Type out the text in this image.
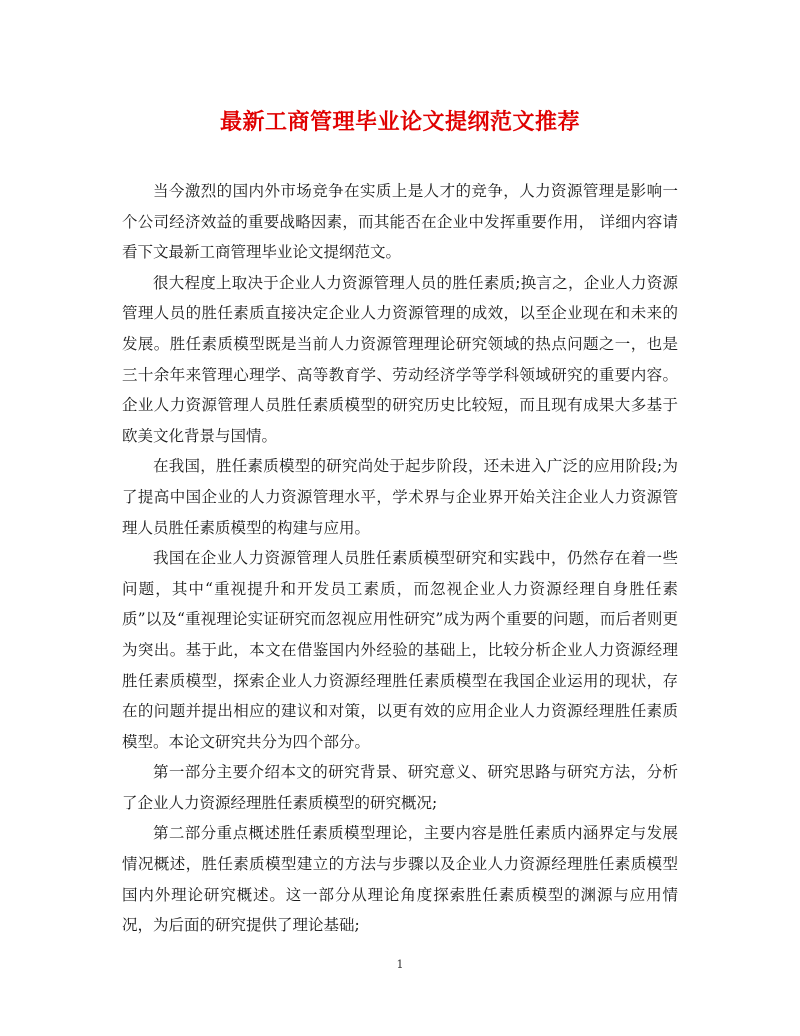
最新工商管理毕业论文提纲范文推荐

当今激烈的国内外市场竞争在实质上是人才的竞争，人力资源管理是影响一个公司经济效益的重要战略因素，而其能否在企业中发挥重要作用， 详细内容请看下文最新工商管理毕业论文提纲范文。

很大程度上取决于企业人力资源管理人员的胜任素质;换言之，企业人力资源管理人员的胜任素质直接决定企业人力资源管理的成效，以至企业现在和未来的发展。胜任素质模型既是当前人力资源管理理论研究领域的热点问题之一，也是三十余年来管理心理学、高等教育学、劳动经济学等学科领域研究的重要内容。企业人力资源管理人员胜任素质模型的研究历史比较短，而且现有成果大多基于欧美文化背景与国情。

在我国，胜任素质模型的研究尚处于起步阶段，还未进入广泛的应用阶段;为了提高中国企业的人力资源管理水平，学术界与企业界开始关注企业人力资源管理人员胜任素质模型的构建与应用。

我国在企业人力资源管理人员胜任素质模型研究和实践中，仍然存在着一些问题，其中“重视提升和开发员工素质，而忽视企业人力资源经理自身胜任素质”以及“重视理论实证研究而忽视应用性研究”成为两个重要的问题，而后者则更为突出。基于此，本文在借鉴国内外经验的基础上，比较分析企业人力资源经理胜任素质模型，探索企业人力资源经理胜任素质模型在我国企业运用的现状，存在的问题并提出相应的建议和对策，以更有效的应用企业人力资源经理胜任素质模型。本论文研究共分为四个部分。

第一部分主要介绍本文的研究背景、研究意义、研究思路与研究方法，分析了企业人力资源经理胜任素质模型的研究概况;

第二部分重点概述胜任素质模型理论，主要内容是胜任素质内涵界定与发展情况概述，胜任素质模型建立的方法与步骤以及企业人力资源经理胜任素质模型国内外理论研究概述。这一部分从理论角度探索胜任素质模型的渊源与应用情况，为后面的研究提供了理论基础;

1
